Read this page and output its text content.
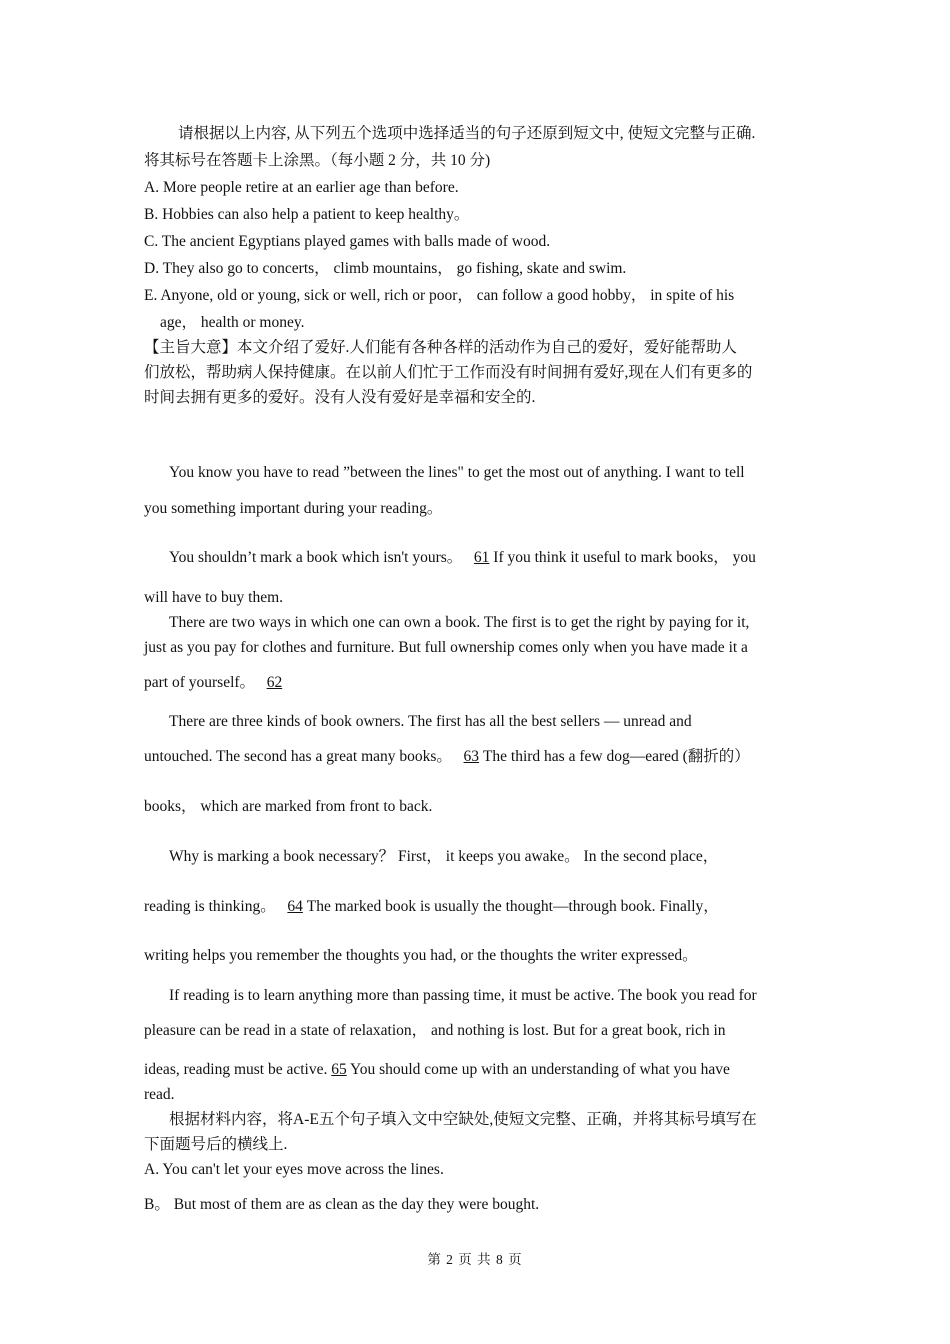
请根据以上内容, 从下列五个选项中选择适当的句子还原到短文中, 使短文完整与正确.
将其标号在答题卡上涂黑。（每小题 2 分，共 10 分)
A. More people retire at an earlier age than before.
B. Hobbies can also help a patient to keep healthy。
C. The ancient Egyptians played games with balls made of wood.
D. They also go to concerts， climb mountains， go fishing, skate and swim.
E. Anyone, old or young, sick or well, rich or poor， can follow a good hobby， in spite of his
age， health or money.
【主旨大意】本文介绍了爱好.人们能有各种各样的活动作为自己的爱好，爱好能帮助人
们放松，帮助病人保持健康。在以前人们忙于工作而没有时间拥有爱好,现在人们有更多的
时间去拥有更多的爱好。没有人没有爱好是幸福和安全的.
You know you have to read ”between the lines" to get the most out of anything. I want to tell
you something important during your reading。
You shouldn’t mark a book which isn't yours。 61 If you think it useful to mark books， you
will have to buy them.
There are two ways in which one can own a book. The first is to get the right by paying for it,
just as you pay for clothes and furniture. But full ownership comes only when you have made it a
part of yourself。 62
There are three kinds of book owners. The first has all the best sellers — unread and
untouched. The second has a great many books。 63 The third has a few dog—eared (翻折的）
books， which are marked from front to back.
Why is marking a book necessary？ First， it keeps you awake。 In the second place，
reading is thinking。 64 The marked book is usually the thought—through book. Finally，
writing helps you remember the thoughts you had, or the thoughts the writer expressed。
If reading is to learn anything more than passing time, it must be active. The book you read for
pleasure can be read in a state of relaxation， and nothing is lost. But for a great book, rich in
ideas, reading must be active. 65 You should come up with an understanding of what you have
read.
根据材料内容，将A-E五个句子填入文中空缺处,使短文完整、正确，并将其标号填写在
下面题号后的横线上.
A. You can't let your eyes move across the lines.
B。 But most of them are as clean as the day they were bought.
第 2 页 共 8 页
